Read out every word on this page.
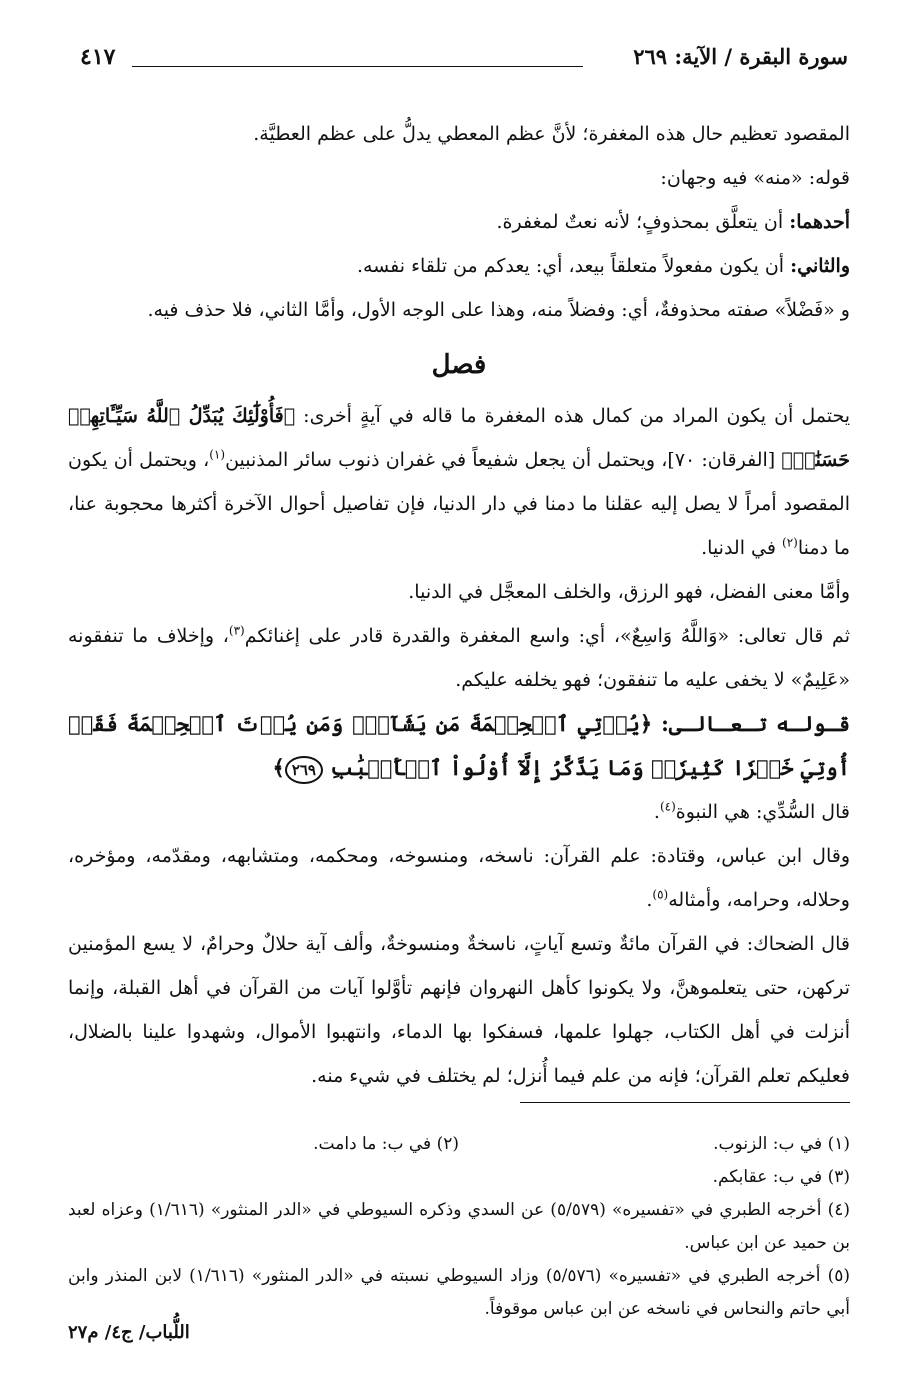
سورة البقرة / الآية: ٢٦٩
٤١٧

المقصود تعظيم حال هذه المغفرة؛ لأنَّ عظم المعطي يدلُّ على عظم العطيَّة.

قوله: «منه» فيه وجهان:

أحدهما: أن يتعلَّق بمحذوفٍ؛ لأنه نعتٌ لمغفرة.

والثاني: أن يكون مفعولاً متعلقاً بيعد، أي: يعدكم من تلقاء نفسه.

و «فَضْلاً» صفته محذوفةٌ، أي: وفضلاً منه، وهذا على الوجه الأول، وأمَّا الثاني، فلا حذف فيه.

فصل

يحتمل أن يكون المراد من كمال هذه المغفرة ما قاله في آيةٍ أخرى: ﴿فَأُوْلَٰٓئِكَ يُبَدِّلُ ٱللَّهُ سَيِّـَٔاتِهِمۡ حَسَنَٰتٖ﴾ [الفرقان: ٧٠]، ويحتمل أن يجعل شفيعاً في غفران ذنوب سائر المذنبين$^{(١)}$، ويحتمل أن يكون المقصود أمراً لا يصل إليه عقلنا ما دمنا في دار الدنيا، فإن تفاصيل أحوال الآخرة أكثرها محجوبة عنا، ما دمنا$^{(٢)}$ في الدنيا.

وأمَّا معنى الفضل، فهو الرزق، والخلف المعجَّل في الدنيا.

ثم قال تعالى: «وَاللَّهُ وَاسِعٌ»، أي: واسع المغفرة والقدرة قادر على إغنائكم$^{(٣)}$، وإخلاف ما تنفقونه «عَلِيمٌ» لا يخفى عليه ما تنفقون؛ فهو يخلفه عليكم.

قـولـه تـعـالـى: ﴿يُؤۡتِي ٱلۡحِكۡمَةَ مَن يَشَآءُۚ وَمَن يُؤۡتَ ٱلۡحِكۡمَةَ فَقَدۡ أُوتِيَ خَيۡرٗا كَثِيرٗاۗ وَمَا يَذَّكَّرُ إِلَّآ أُوْلُواْ ٱلۡأَلۡبَٰبِ ٢٦٩﴾

قال السُّدِّي: هي النبوة$^{(٤)}$.

وقال ابن عباس، وقتادة: علم القرآن: ناسخه، ومنسوخه، ومحكمه، ومتشابهه، ومقدّمه، ومؤخره، وحلاله، وحرامه، وأمثاله$^{(٥)}$.

قال الضحاك: في القرآن مائةٌ وتسع آياتٍ، ناسخةٌ ومنسوخةٌ، وألف آية حلالٌ وحرامٌ، لا يسع المؤمنين تركهن، حتى يتعلموهنَّ، ولا يكونوا كأهل النهروان فإنهم تأوَّلوا آيات من القرآن في أهل القبلة، وإنما أنزلت في أهل الكتاب، جهلوا علمها، فسفكوا بها الدماء، وانتهبوا الأموال، وشهدوا علينا بالضلال، فعليكم تعلم القرآن؛ فإنه من علم فيما أُنزل؛ لم يختلف في شيء منه.

(١) في ب: الزنوب.
(٢) في ب: ما دامت.

(٣) في ب: عقابكم.

(٤) أخرجه الطبري في «تفسيره» (٥/٥٧٩) عن السدي وذكره السيوطي في «الدر المنثور» (١/٦١٦) وعزاه لعبد بن حميد عن ابن عباس.

(٥) أخرجه الطبري في «تفسيره» (٥/٥٧٦) وزاد السيوطي نسبته في «الدر المنثور» (١/٦١٦) لابن المنذر وابن أبي حاتم والنحاس في ناسخه عن ابن عباس موقوفاً.

اللُّباب/ ج٤/ م٢٧
